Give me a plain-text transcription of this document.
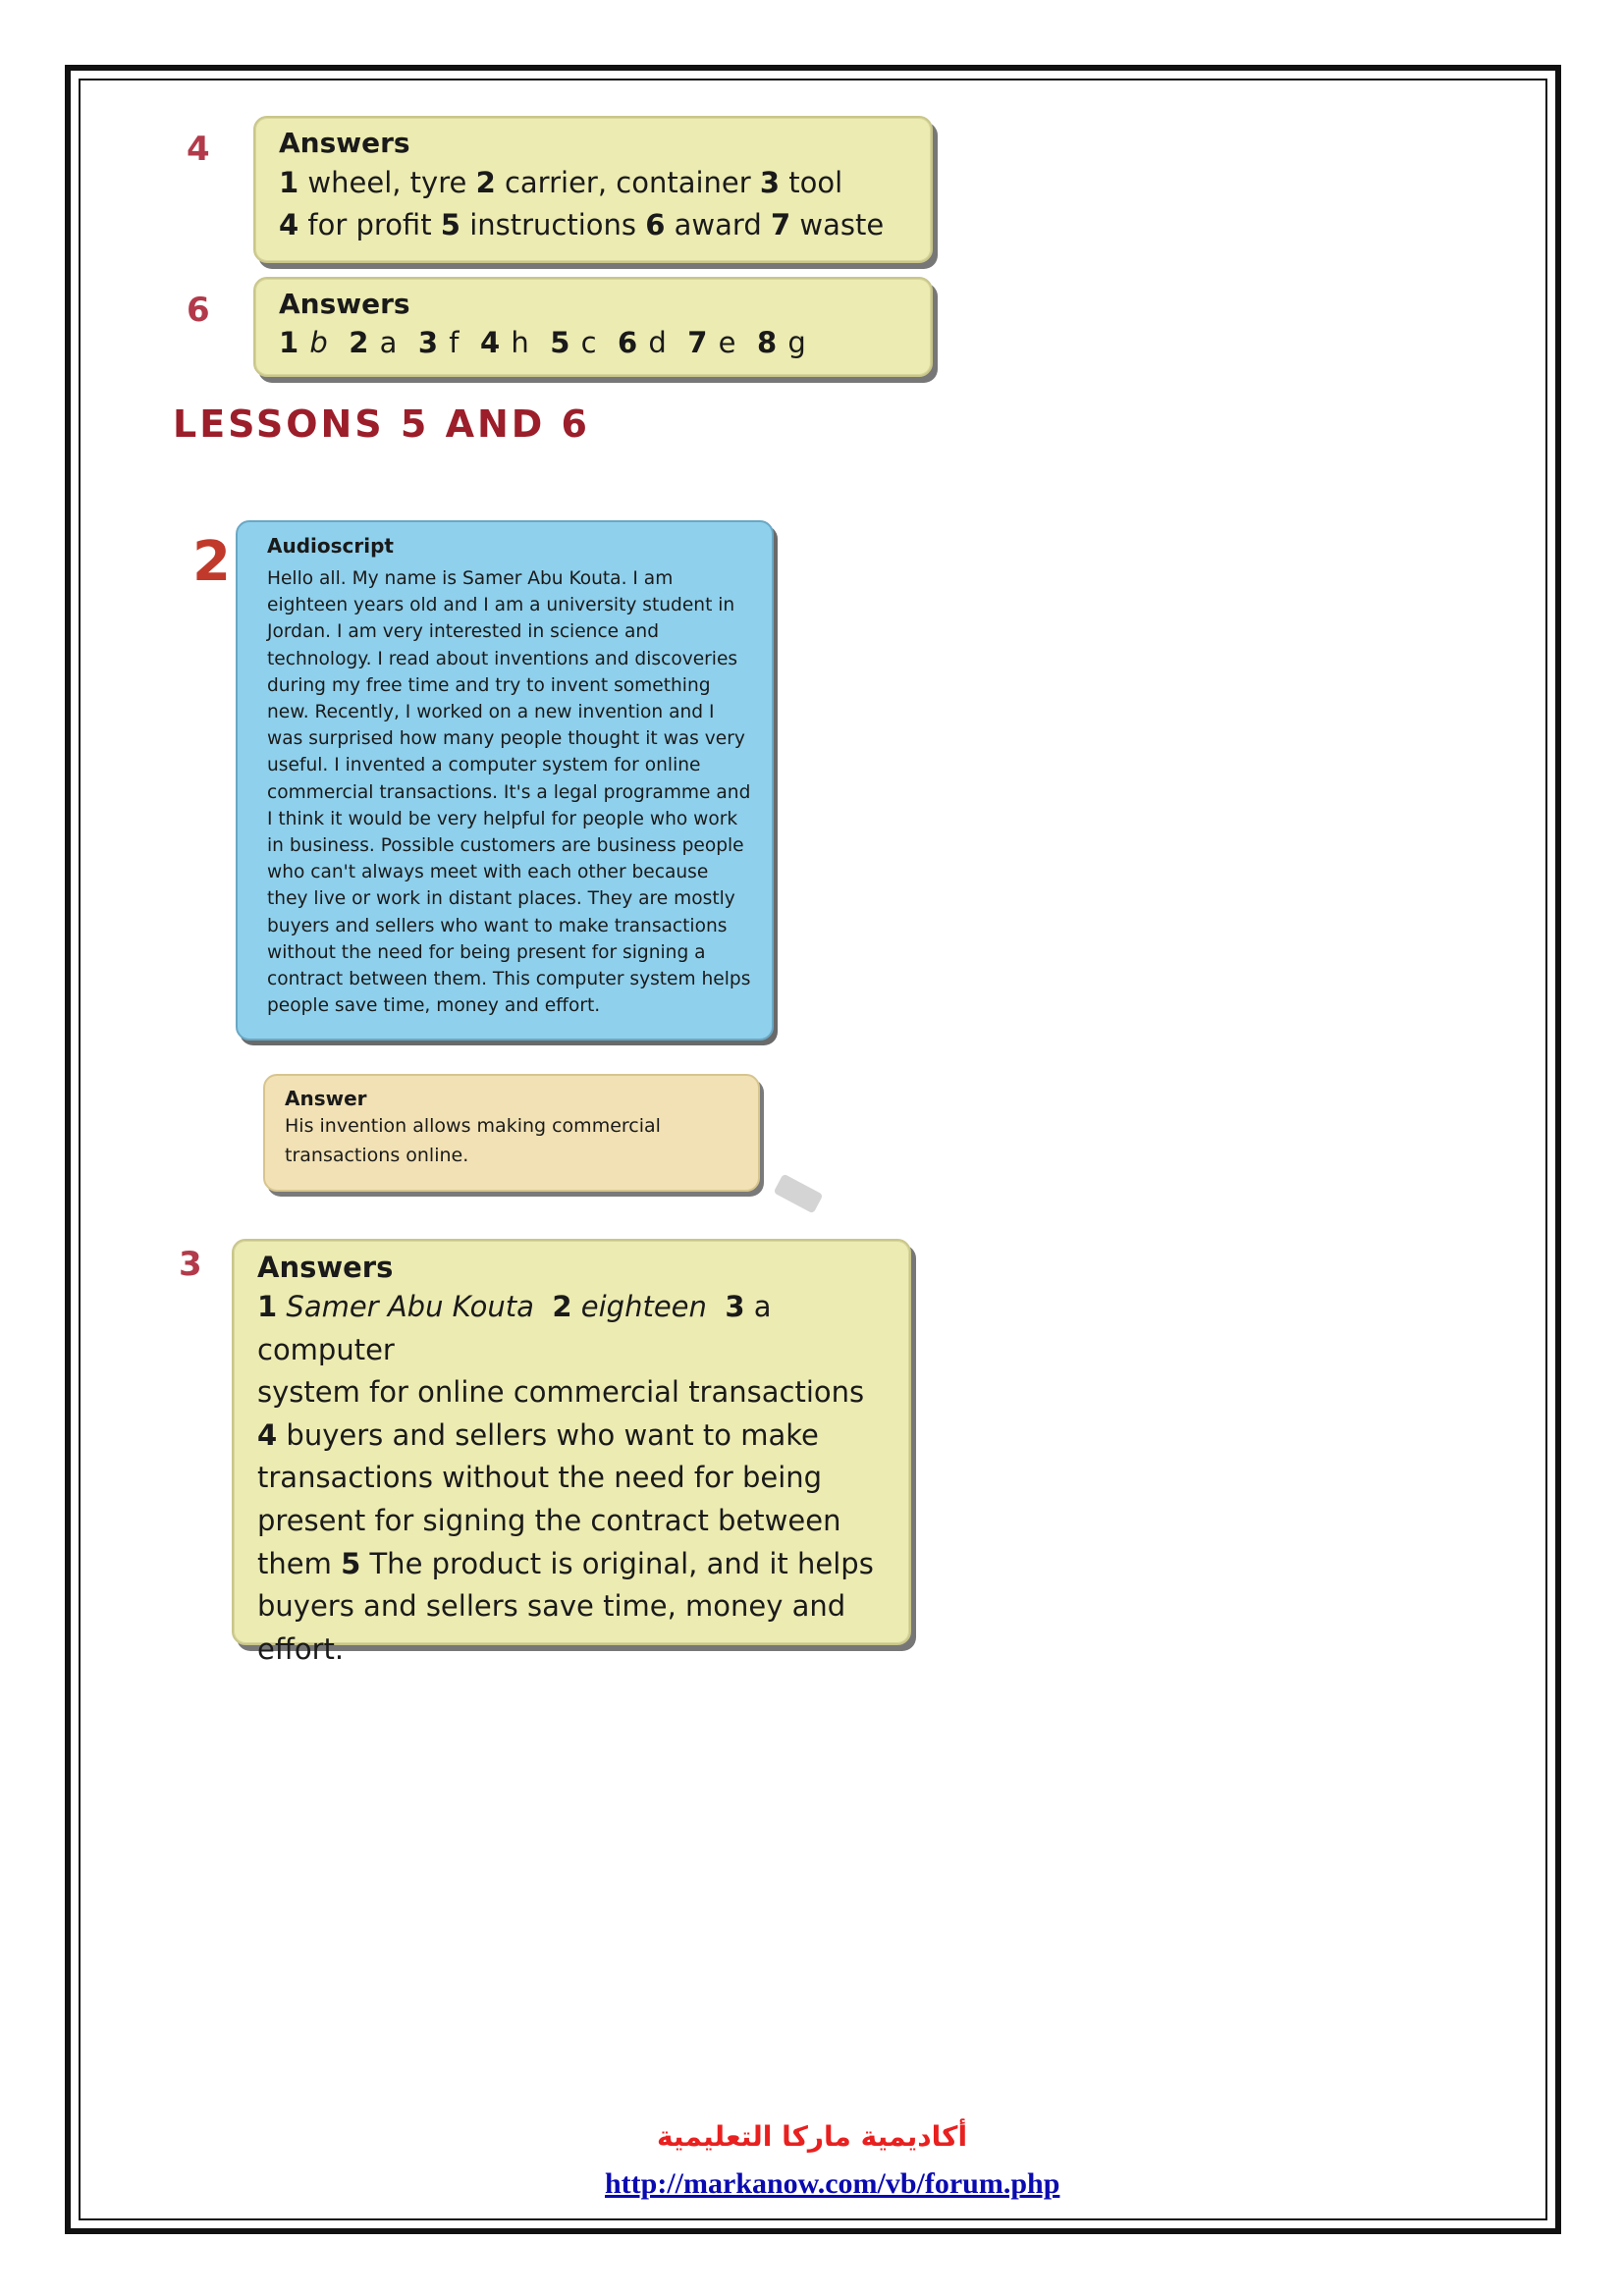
4	Answers

1 wheel, tyre 2 carrier, container 3 tool

4 for profit 5 instructions 6 award 7 waste

6	Answers

1 b 2 a 3 f 4 h 5 c 6 d 7 e 8 g

LESSONS 5 AND 6
2 Audioscript

Hello all. My name is Samer Abu Kouta. I am
eighteen years old and I am a university student in
Jordan. I am very interested in science and
technology. I read about inventions and discoveries
during my free time and try to invent something
new. Recently, I worked on a new invention and I
was surprised how many people thought it was very
useful. I invented a computer system for online
commercial transactions. It's a legal programme and
I think it would be very helpful for people who work
in business. Possible customers are business people
who can't always meet with each other because
they live or work in distant places. They are mostly
buyers and sellers who want to make transactions
without the need for being present for signing a
contract between them. This computer system helps
people save time, money and effort.

Answer

His invention allows making commercial
transactions online.

3 Answers

1 Samer Abu Kouta 2 eighteen 3 a computer
system for online commercial transactions
4 buyers and sellers who want to make
transactions without the need for being
present for signing the contract between
them 5 The product is original, and it helps
buyers and sellers save time, money and
effort.

أكاديمية ماركا التعليمية
http://markanow.com/vb/forum.php
